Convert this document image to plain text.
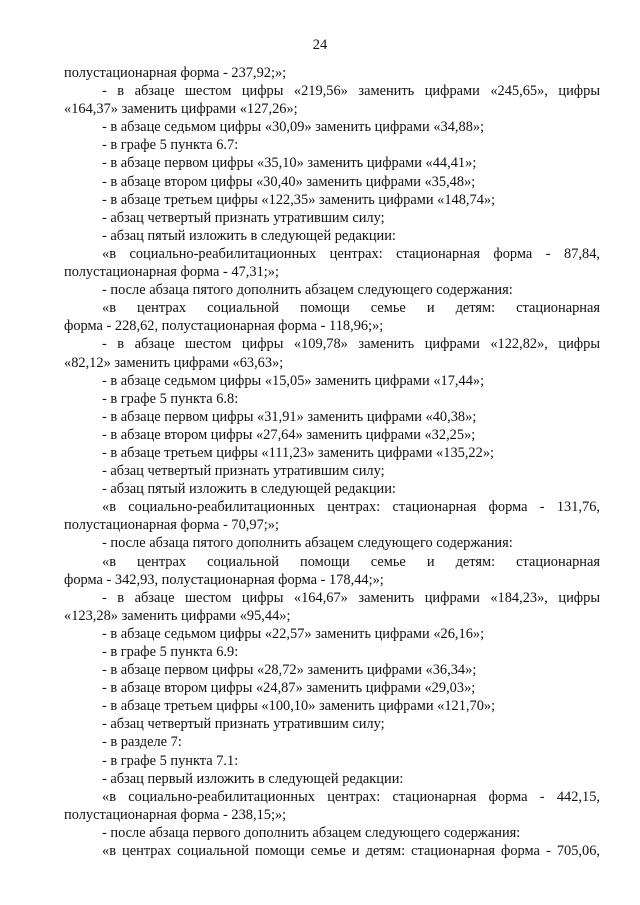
24
полустационарная форма - 237,92;»;
- в абзаце шестом цифры «219,56» заменить цифрами «245,65», цифры
«164,37» заменить цифрами «127,26»;
- в абзаце седьмом цифры «30,09» заменить цифрами «34,88»;
- в графе 5 пункта 6.7:
- в абзаце первом цифры «35,10» заменить цифрами «44,41»;
- в абзаце втором цифры «30,40» заменить цифрами «35,48»;
- в абзаце третьем цифры «122,35» заменить цифрами «148,74»;
- абзац четвертый признать утратившим силу;
- абзац пятый изложить в следующей редакции:
«в социально-реабилитационных центрах: стационарная форма - 87,84,
полустационарная форма - 47,31;»;
- после абзаца пятого дополнить абзацем следующего содержания:
«в центрах социальной помощи семье и детям: стационарная
форма - 228,62, полустационарная форма - 118,96;»;
- в абзаце шестом цифры «109,78» заменить цифрами «122,82», цифры
«82,12» заменить цифрами «63,63»;
- в абзаце седьмом цифры «15,05» заменить цифрами «17,44»;
- в графе 5 пункта 6.8:
- в абзаце первом цифры «31,91» заменить цифрами «40,38»;
- в абзаце втором цифры «27,64» заменить цифрами «32,25»;
- в абзаце третьем цифры «111,23» заменить цифрами «135,22»;
- абзац четвертый признать утратившим силу;
- абзац пятый изложить в следующей редакции:
«в социально-реабилитационных центрах: стационарная форма - 131,76,
полустационарная форма - 70,97;»;
- после абзаца пятого дополнить абзацем следующего содержания:
«в центрах социальной помощи семье и детям: стационарная
форма - 342,93, полустационарная форма - 178,44;»;
- в абзаце шестом цифры «164,67» заменить цифрами «184,23», цифры
«123,28» заменить цифрами «95,44»;
- в абзаце седьмом цифры «22,57» заменить цифрами «26,16»;
- в графе 5 пункта 6.9:
- в абзаце первом цифры «28,72» заменить цифрами «36,34»;
- в абзаце втором цифры «24,87» заменить цифрами «29,03»;
- в абзаце третьем цифры «100,10» заменить цифрами «121,70»;
- абзац четвертый признать утратившим силу;
- в разделе 7:
- в графе 5 пункта 7.1:
- абзац первый изложить в следующей редакции:
«в социально-реабилитационных центрах: стационарная форма - 442,15,
полустационарная форма - 238,15;»;
- после абзаца первого дополнить абзацем следующего содержания:
«в центрах социальной помощи семье и детям: стационарная форма - 705,06,
